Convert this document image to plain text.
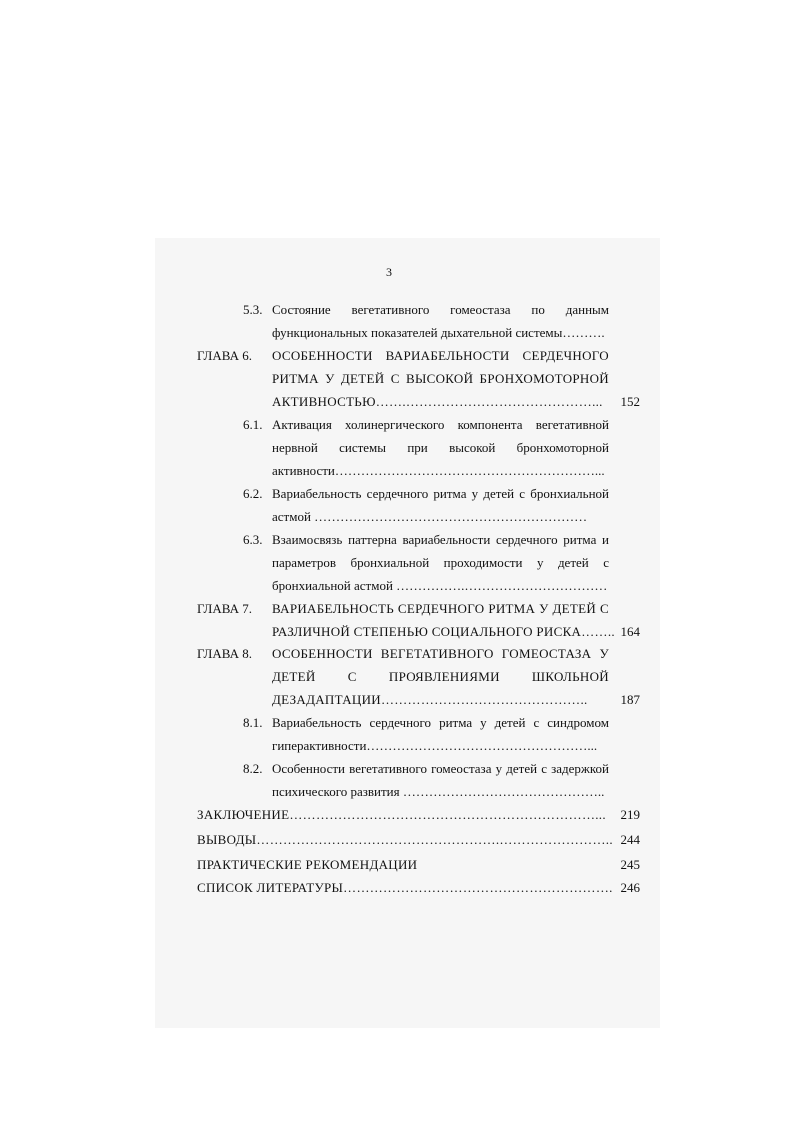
3
5.3. Состояние вегетативного гомеостаза по данным
функциональных показателей дыхательной системы……….
ГЛАВА 6. ОСОБЕННОСТИ ВАРИАБЕЛЬНОСТИ СЕРДЕЧНОГО
РИТМА У ДЕТЕЙ С ВЫСОКОЙ БРОНХОМОТОРНОЙ
АКТИВНОСТЬЮ…….……………………………………...	152
6.1. Активация холинергического компонента вегетативной
нервной системы при высокой бронхомоторной
активности……………………………………………………...
6.2. Вариабельность сердечного ритма у детей с бронхиальной
астмой ………………………………………………………
6.3. Взаимосвязь паттерна вариабельности сердечного ритма и
параметров бронхиальной проходимости у детей с
бронхиальной астмой …………….……………………………
ГЛАВА 7. ВАРИАБЕЛЬНОСТЬ СЕРДЕЧНОГО РИТМА У ДЕТЕЙ С
РАЗЛИЧНОЙ СТЕПЕНЬЮ СОЦИАЛЬНОГО РИСКА…….. 164
ГЛАВА 8. ОСОБЕННОСТИ ВЕГЕТАТИВНОГО ГОМЕОСТАЗА У
ДЕТЕЙ С ПРОЯВЛЕНИЯМИ ШКОЛЬНОЙ
ДЕЗАДАПТАЦИИ………………………………………..	187
8.1. Вариабельность сердечного ритма у детей с синдромом
гиперактивности……………………………………………...
8.2. Особенности вегетативного гомеостаза у детей с задержкой
психического развития ………………………………………..
ЗАКЛЮЧЕНИЕ……………………………………………………………...	219
ВЫВОДЫ……………………………………………….…………………….. 244
ПРАКТИЧЕСКИЕ РЕКОМЕНДАЦИИ	245
СПИСОК ЛИТЕРАТУРЫ……………………………………………………. 246
